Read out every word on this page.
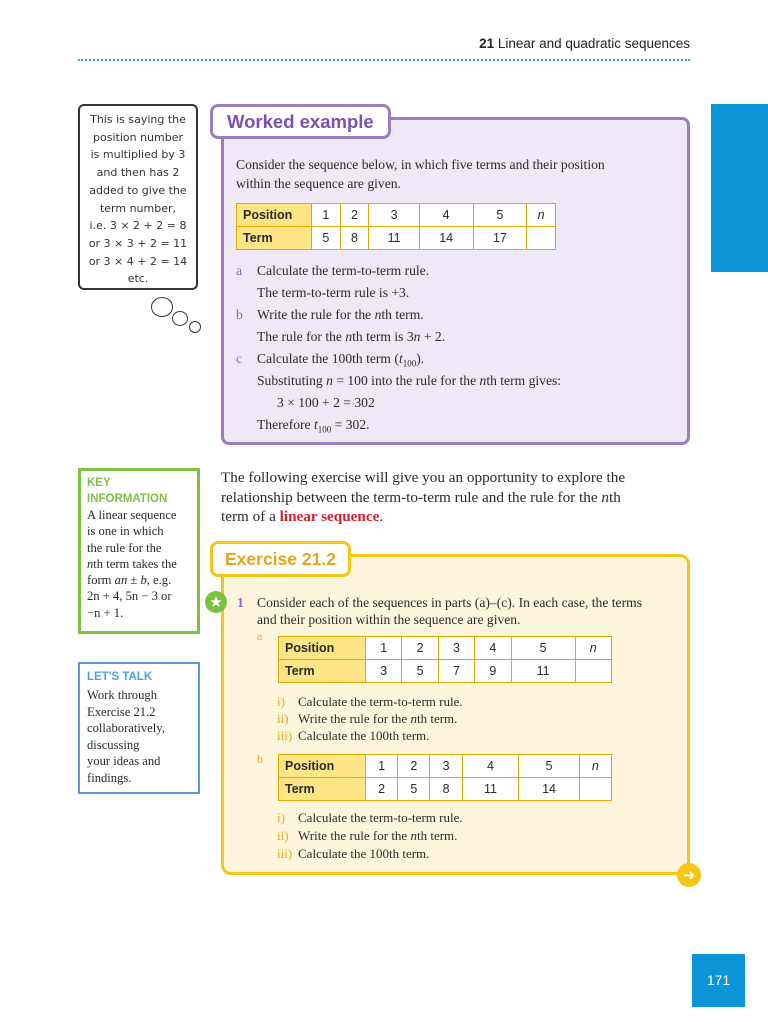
21 Linear and quadratic sequences
This is saying the
position number
is multiplied by 3
and then has 2
added to give the
term number,
i.e. 3 × 2 + 2 = 8
or 3 × 3 + 2 = 11
or 3 × 4 + 2 = 14
etc.
Worked example
Consider the sequence below, in which five terms and their position
within the sequence are given.
Position	1	2	3	4	5	n
Term	5	8	11	14	17	
a Calculate the term-to-term rule.
The term-to-term rule is +3.
b Write the rule for the nth term.
The rule for the nth term is 3n + 2.
c Calculate the 100th term $(t_{100})$.
Substituting n = 100 into the rule for the nth term gives:
3 × 100 + 2 = 302
Therefore $t_{100} = 302$.
The following exercise will give you an opportunity to explore the
relationship between the term-to-term rule and the rule for the nth
term of a linear sequence.
KEY
INFORMATION
A linear sequence
is one in which
the rule for the
nth term takes the
form an ± b, e.g.
2n + 4, 5n − 3 or
−n + 1.
LET'S TALK
Work through
Exercise 21.2
collaboratively,
discussing
your ideas and
findings.
Exercise 21.2
★	1 Consider each of the sequences in parts (a)–(c). In each case, the terms
and their position within the sequence are given.
a
Position	1	2	3	4	5	n
Term	3	5	7	9	11	
i) Calculate the term-to-term rule.
ii) Write the rule for the nth term.
iii) Calculate the 100th term.
b Position	1	2	3	4	5	n
Term	2	5	8	11	14	
i) Calculate the term-to-term rule.
ii) Write the rule for the nth term.
iii) Calculate the 100th term.
➜
171
